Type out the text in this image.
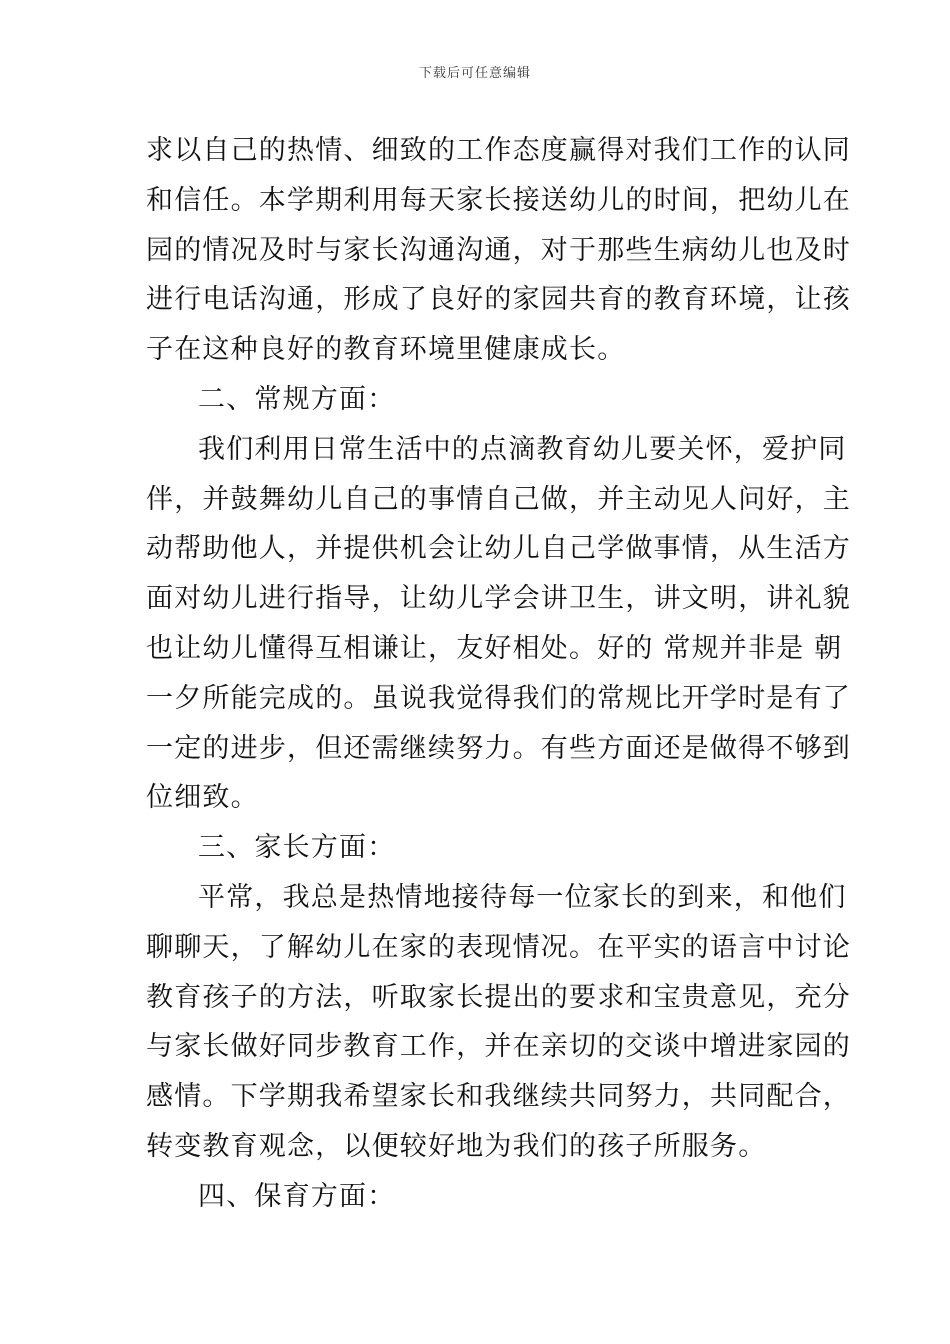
下载后可任意编辑
求以自己的热情、细致的工作态度赢得对我们工作的认同
和信任。本学期利用每天家长接送幼儿的时间，把幼儿在
园的情况及时与家长沟通沟通，对于那些生病幼儿也及时
进行电话沟通，形成了良好的家园共育的教育环境，让孩
子在这种良好的教育环境里健康成长。
二、常规方面：
我们利用日常生活中的点滴教育幼儿要关怀，爱护同
伴，并鼓舞幼儿自己的事情自己做，并主动见人问好，主
动帮助他人，并提供机会让幼儿自己学做事情，从生活方
面对幼儿进行指导，让幼儿学会讲卫生，讲文明，讲礼貌
也让幼儿懂得互相谦让，友好相处。好的 常规并非是 朝
一夕所能完成的。虽说我觉得我们的常规比开学时是有了
一定的进步，但还需继续努力。有些方面还是做得不够到
位细致。
三、家长方面：
平常，我总是热情地接待每一位家长的到来，和他们
聊聊天，了解幼儿在家的表现情况。在平实的语言中讨论
教育孩子的方法，听取家长提出的要求和宝贵意见，充分
与家长做好同步教育工作，并在亲切的交谈中增进家园的
感情。下学期我希望家长和我继续共同努力，共同配合，
转变教育观念，以便较好地为我们的孩子所服务。
四、保育方面：
